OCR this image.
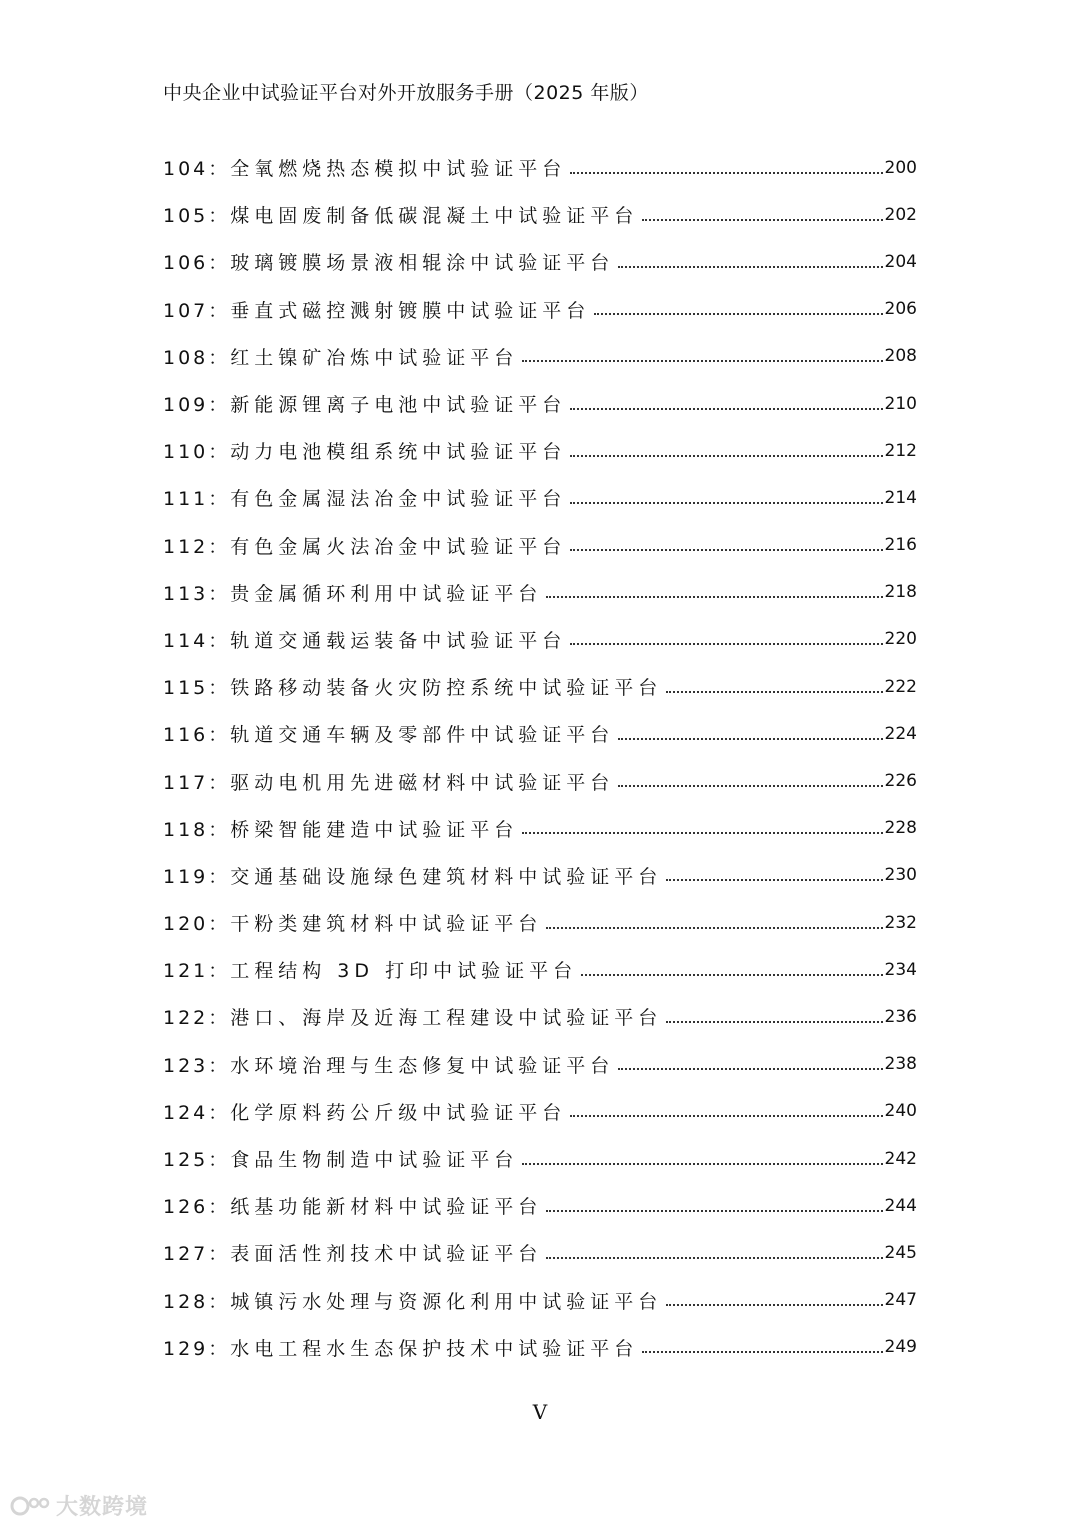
中央企业中试验证平台对外开放服务手册（2025 年版）
104： 全氧燃烧热态模拟中试验证平台	200
105： 煤电固废制备低碳混凝土中试验证平台	202
106： 玻璃镀膜场景液相辊涂中试验证平台	204
107： 垂直式磁控溅射镀膜中试验证平台	206
108： 红土镍矿冶炼中试验证平台	208
109： 新能源锂离子电池中试验证平台	210
110： 动力电池模组系统中试验证平台	212
111： 有色金属湿法冶金中试验证平台	214
112： 有色金属火法冶金中试验证平台	216
113： 贵金属循环利用中试验证平台	218
114： 轨道交通载运装备中试验证平台	220
115： 铁路移动装备火灾防控系统中试验证平台	222
116： 轨道交通车辆及零部件中试验证平台	224
117： 驱动电机用先进磁材料中试验证平台	226
118： 桥梁智能建造中试验证平台	228
119： 交通基础设施绿色建筑材料中试验证平台	230
120： 干粉类建筑材料中试验证平台	232
121： 工程结构 3D 打印中试验证平台	234
122： 港口、海岸及近海工程建设中试验证平台	236
123： 水环境治理与生态修复中试验证平台	238
124： 化学原料药公斤级中试验证平台	240
125： 食品生物制造中试验证平台	242
126： 纸基功能新材料中试验证平台	244
127： 表面活性剂技术中试验证平台	245
128： 城镇污水处理与资源化利用中试验证平台	247
129： 水电工程水生态保护技术中试验证平台	249
V
大数跨境
